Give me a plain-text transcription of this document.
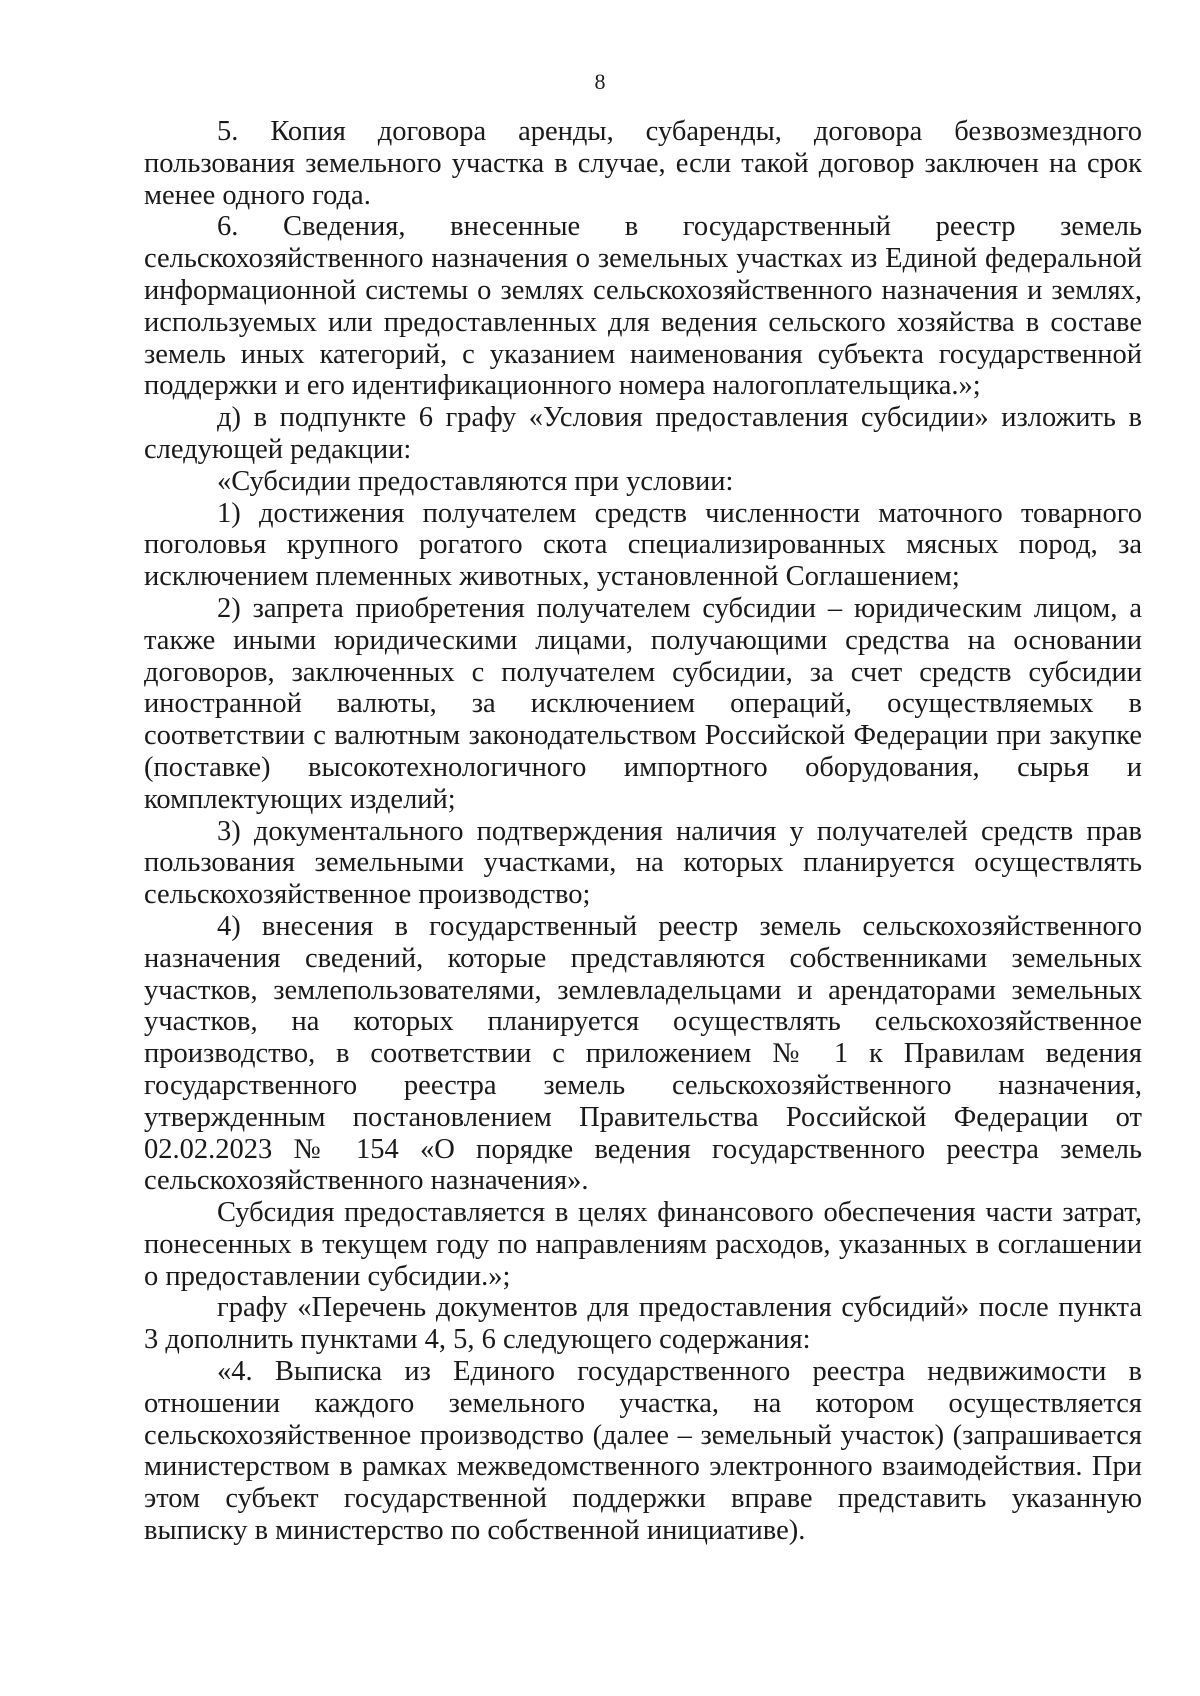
8

5. Копия договора аренды, субаренды, договора безвозмездного пользования земельного участка в случае, если такой договор заключен на срок менее одного года.

6. Сведения, внесенные в государственный реестр земель сельскохозяйственного назначения о земельных участках из Единой федеральной информационной системы о землях сельскохозяйственного назначения и землях, используемых или предоставленных для ведения сельского хозяйства в составе земель иных категорий, с указанием наименования субъекта государственной поддержки и его идентификационного номера налогоплательщика.»;

д) в подпункте 6 графу «Условия предоставления субсидии» изложить в следующей редакции:

«Субсидии предоставляются при условии:

1) достижения получателем средств численности маточного товарного поголовья крупного рогатого скота специализированных мясных пород, за исключением племенных животных, установленной Соглашением;

2) запрета приобретения получателем субсидии – юридическим лицом, а также иными юридическими лицами, получающими средства на основании договоров, заключенных с получателем субсидии, за счет средств субсидии иностранной валюты, за исключением операций, осуществляемых в соответствии с валютным законодательством Российской Федерации при закупке (поставке) высокотехнологичного импортного оборудования, сырья и комплектующих изделий;

3) документального подтверждения наличия у получателей средств прав пользования земельными участками, на которых планируется осуществлять сельскохозяйственное производство;

4) внесения в государственный реестр земель сельскохозяйственного назначения сведений, которые представляются собственниками земельных участков, землепользователями, землевладельцами и арендаторами земельных участков, на которых планируется осуществлять сельскохозяйственное производство, в соответствии с приложением № 1 к Правилам ведения государственного реестра земель сельскохозяйственного назначения, утвержденным постановлением Правительства Российской Федерации от 02.02.2023 № 154 «О порядке ведения государственного реестра земель сельскохозяйственного назначения».

Субсидия предоставляется в целях финансового обеспечения части затрат, понесенных в текущем году по направлениям расходов, указанных в соглашении о предоставлении субсидии.»;

графу «Перечень документов для предоставления субсидий» после пункта 3 дополнить пунктами 4, 5, 6 следующего содержания:

«4. Выписка из Единого государственного реестра недвижимости в отношении каждого земельного участка, на котором осуществляется сельскохозяйственное производство (далее – земельный участок) (запрашивается министерством в рамках межведомственного электронного взаимодействия. При этом субъект государственной поддержки вправе представить указанную выписку в министерство по собственной инициативе).
